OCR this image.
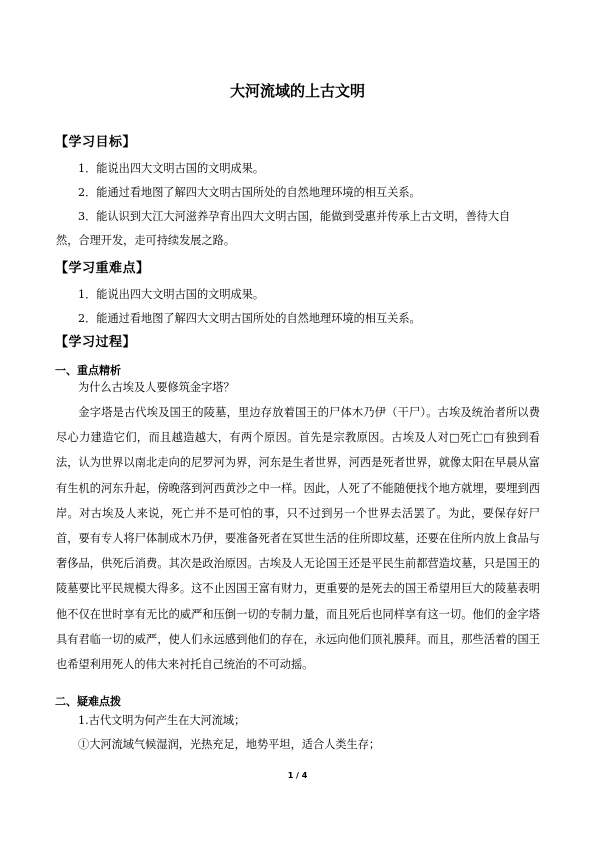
大河流域的上古文明
【学习目标】
1．能说出四大文明古国的文明成果。
2．能通过看地图了解四大文明古国所处的自然地理环境的相互关系。
3．能认识到大江大河滋养孕育出四大文明古国，能做到受惠并传承上古文明，善待大自
然，合理开发，走可持续发展之路。
【学习重难点】
1．能说出四大文明古国的文明成果。
2．能通过看地图了解四大文明古国所处的自然地理环境的相互关系。
【学习过程】
一、重点精析
为什么古埃及人要修筑金字塔？
金字塔是古代埃及国王的陵墓，里边存放着国王的尸体木乃伊（干尸）。古埃及统治者所以费尽心力建造它们，而且越造越大，有两个原因。首先是宗教原因。古埃及人对□死亡□有独到看法，认为世界以南北走向的尼罗河为界，河东是生者世界，河西是死者世界，就像太阳在早晨从富有生机的河东升起，傍晚落到河西黄沙之中一样。因此，人死了不能随便找个地方就埋，要埋到西岸。对古埃及人来说，死亡并不是可怕的事，只不过到另一个世界去活罢了。为此，要保存好尸首，要有专人将尸体制成木乃伊，要准备死者在冥世生活的住所即坟墓，还要在住所内放上食品与奢侈品，供死后消费。其次是政治原因。古埃及人无论国王还是平民生前都营造坟墓，只是国王的陵墓要比平民规模大得多。这不止因国王富有财力，更重要的是死去的国王希望用巨大的陵墓表明他不仅在世时享有无比的威严和压倒一切的专制力量，而且死后也同样享有这一切。他们的金字塔具有君临一切的威严，使人们永远感到他们的存在，永远向他们顶礼膜拜。而且，那些活着的国王也希望利用死人的伟大来衬托自己统治的不可动摇。
二、疑难点拨
1.古代文明为何产生在大河流域；
①大河流域气候湿润，光热充足，地势平坦，适合人类生存；
1 / 4
